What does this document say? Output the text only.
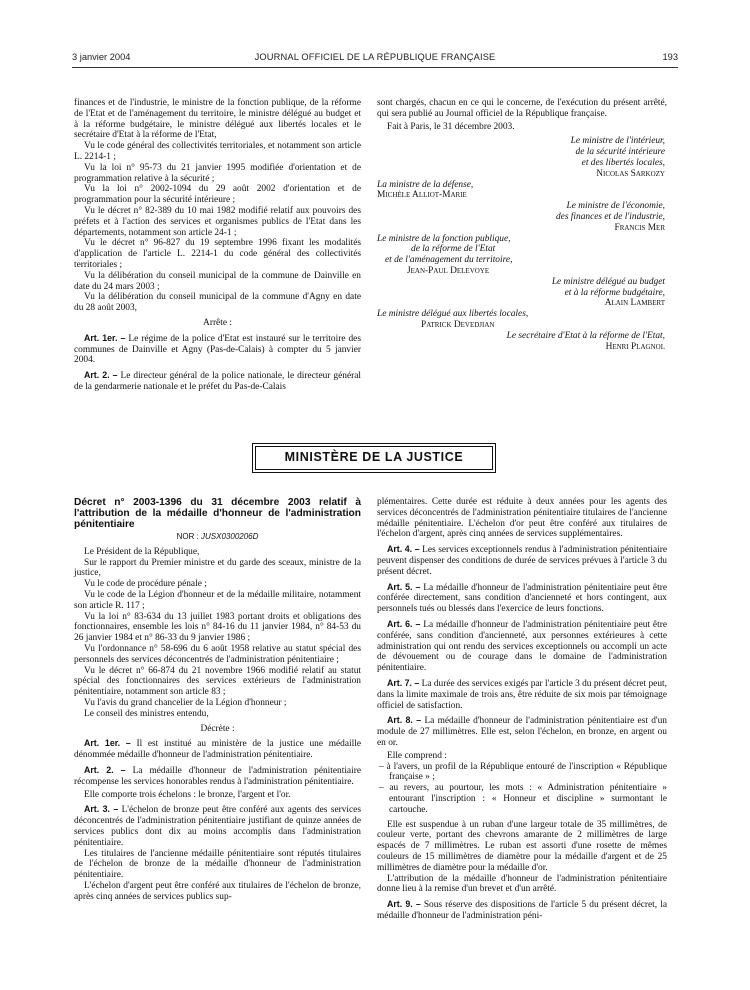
3 janvier 2004	JOURNAL OFFICIEL DE LA RÉPUBLIQUE FRANÇAISE	193

finances et de l'industrie, le ministre de la fonction publique, de la réforme de l'Etat et de l'aménagement du territoire, le ministre délégué au budget et à la réforme budgétaire, le ministre délégué aux libertés locales et le secrétaire d'Etat à la réforme de l'Etat,

Vu le code général des collectivités territoriales, et notamment son article L. 2214-1 ;

Vu la loi n° 95-73 du 21 janvier 1995 modifiée d'orientation et de programmation relative à la sécurité ;

Vu la loi n° 2002-1094 du 29 août 2002 d'orientation et de programmation pour la sécurité intérieure ;

Vu le décret n° 82-389 du 10 mai 1982 modifié relatif aux pouvoirs des préfets et à l'action des services et organismes publics de l'Etat dans les départements, notamment son article 24-1 ;

Vu le décret n° 96-827 du 19 septembre 1996 fixant les modalités d'application de l'article L. 2214-1 du code général des collectivités territoriales ;

Vu la délibération du conseil municipal de la commune de Dainville en date du 24 mars 2003 ;

Vu la délibération du conseil municipal de la commune d'Agny en date du 28 août 2003,

Arrête :

Art. 1er. – Le régime de la police d'Etat est instauré sur le territoire des communes de Dainville et Agny (Pas-de-Calais) à compter du 5 janvier 2004.

Art. 2. – Le directeur général de la police nationale, le directeur général de la gendarmerie nationale et le préfet du Pas-de-Calais

sont chargés, chacun en ce qui le concerne, de l'exécution du présent arrêté, qui sera publié au Journal officiel de la République française.

Fait à Paris, le 31 décembre 2003.

Le ministre de l'intérieur,

de la sécurité intérieure

et des libertés locales,

Nicolas Sarkozy

La ministre de la défense,

Michèle Alliot-Marie

Le ministre de l'économie,

des finances et de l'industrie,

Francis Mer

Le ministre de la fonction publique,

de la réforme de l'Etat

et de l'aménagement du territoire,

Jean-Paul Delevoye

Le ministre délégué au budget

et à la réforme budgétaire,

Alain Lambert

Le ministre délégué aux libertés locales,

Patrick Devedjian

Le secrétaire d'Etat à la réforme de l'Etat,

Henri Plagnol

MINISTÈRE DE LA JUSTICE

Décret n° 2003-1396 du 31 décembre 2003 relatif à l'attribution de la médaille d'honneur de l'administration pénitentiaire

NOR : JUSX0300206D

Le Président de la République,

Sur le rapport du Premier ministre et du garde des sceaux, ministre de la justice,

Vu le code de procédure pénale ;

Vu le code de la Légion d'honneur et de la médaille militaire, notamment son article R. 117 ;

Vu la loi n° 83-634 du 13 juillet 1983 portant droits et obligations des fonctionnaires, ensemble les lois n° 84-16 du 11 janvier 1984, n° 84-53 du 26 janvier 1984 et n° 86-33 du 9 janvier 1986 ;

Vu l'ordonnance n° 58-696 du 6 août 1958 relative au statut spécial des personnels des services déconcentrés de l'administration pénitentiaire ;

Vu le décret n° 66-874 du 21 novembre 1966 modifié relatif au statut spécial des fonctionnaires des services extérieurs de l'administration pénitentiaire, notamment son article 83 ;

Vu l'avis du grand chancelier de la Légion d'honneur ;

Le conseil des ministres entendu,

Décrète :

Art. 1er. – Il est institué au ministère de la justice une médaille dénommée médaille d'honneur de l'administration pénitentiaire.

Art. 2. – La médaille d'honneur de l'administration pénitentiaire récompense les services honorables rendus à l'administration pénitentiaire.

Elle comporte trois échelons : le bronze, l'argent et l'or.

Art. 3. – L'échelon de bronze peut être conféré aux agents des services déconcentrés de l'administration pénitentiaire justifiant de quinze années de services publics dont dix au moins accomplis dans l'administration pénitentiaire.

Les titulaires de l'ancienne médaille pénitentiaire sont réputés titulaires de l'échelon de bronze de la médaille d'honneur de l'administration pénitentiaire.

L'échelon d'argent peut être conféré aux titulaires de l'échelon de bronze, après cinq années de services publics sup-

plémentaires. Cette durée est réduite à deux années pour les agents des services déconcentrés de l'administration pénitentiaire titulaires de l'ancienne médaille pénitentiaire. L'échelon d'or peut être conféré aux titulaires de l'échelon d'argent, après cinq années de services supplémentaires.

Art. 4. – Les services exceptionnels rendus à l'administration pénitentiaire peuvent dispenser des conditions de durée de services prévues à l'article 3 du présent décret.

Art. 5. – La médaille d'honneur de l'administration pénitentiaire peut être conférée directement, sans condition d'ancienneté et hors contingent, aux personnels tués ou blessés dans l'exercice de leurs fonctions.

Art. 6. – La médaille d'honneur de l'administration pénitentiaire peut être conférée, sans condition d'ancienneté, aux personnes extérieures à cette administration qui ont rendu des services exceptionnels ou accompli un acte de dévouement ou de courage dans le domaine de l'administration pénitentiaire.

Art. 7. – La durée des services exigés par l'article 3 du présent décret peut, dans la limite maximale de trois ans, être réduite de six mois par témoignage officiel de satisfaction.

Art. 8. – La médaille d'honneur de l'administration pénitentiaire est d'un module de 27 millimètres. Elle est, selon l'échelon, en bronze, en argent ou en or.

Elle comprend :

– à l'avers, un profil de la République entouré de l'inscription « République française » ;

– au revers, au pourtour, les mots : « Administration pénitentiaire » entourant l'inscription : « Honneur et discipline » surmontant le cartouche.

Elle est suspendue à un ruban d'une largeur totale de 35 millimètres, de couleur verte, portant des chevrons amarante de 2 millimètres de large espacés de 7 millimètres. Le ruban est assorti d'une rosette de mêmes couleurs de 15 millimètres de diamètre pour la médaille d'argent et de 25 millimètres de diamètre pour la médaille d'or.

L'attribution de la médaille d'honneur de l'administration pénitentiaire donne lieu à la remise d'un brevet et d'un arrêté.

Art. 9. – Sous réserve des dispositions de l'article 5 du présent décret, la médaille d'honneur de l'administration péni-
